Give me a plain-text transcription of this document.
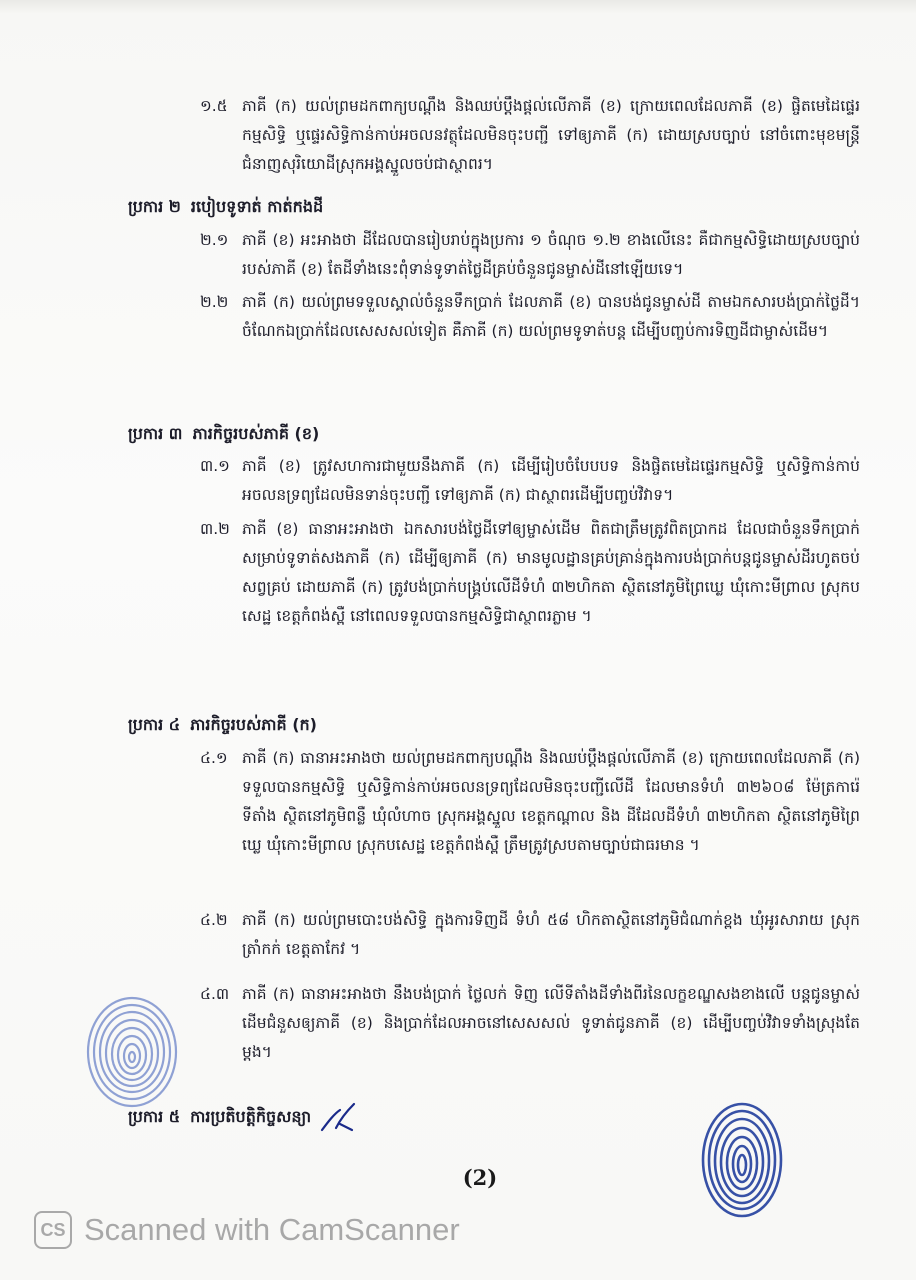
១.៥ ភាគី (ក) យល់ព្រមដកពាក្យបណ្តឹង និងឈប់ប្តឹងផ្តល់លើភាគី (ខ) ក្រោយពេលដែលភាគី (ខ) ផ្ចិតមេដៃផ្ទេរកម្មសិទ្ធិ ឬផ្ទេរសិទ្ធិកាន់កាប់អចលនវត្ថុដែលមិនចុះបញ្ជី ទៅឲ្យភាគី (ក) ដោយស្របច្បាប់ នៅចំពោះមុខមន្ត្រីជំនាញសុរិយោដីស្រុកអង្គស្នួលចប់ជាស្ថាពរ។
ប្រការ ២ របៀបទូទាត់ កាត់កងដី
២.១ ភាគី (ខ) អះអាងថា ដីដែលបានរៀបរាប់ក្នុងប្រការ ១ ចំណុច ១.២ ខាងលើនេះ គឺជាកម្មសិទ្ធិដោយស្របច្បាប់របស់ភាគី (ខ) តែដីទាំងនេះពុំទាន់ទូទាត់ថ្លៃដីគ្រប់ចំនួនជូនម្ចាស់ដីនៅឡើយទេ។
២.២ ភាគី (ក) យល់ព្រមទទួលស្គាល់ចំនួនទឹកប្រាក់ ដែលភាគី (ខ) បានបង់ជូនម្ចាស់ដី តាមឯកសារបង់ប្រាក់ថ្លៃដី។ ចំណែកឯប្រាក់ដែលសេសសល់ទៀត គឺភាគី (ក) យល់ព្រមទូទាត់បន្ត ដើម្បីបញ្ចប់ការទិញដីជាម្ចាស់ដើម។
ប្រការ ៣ ភារកិច្ចរបស់ភាគី (ខ)
៣.១ ភាគី (ខ) ត្រូវសហការជាមួយនឹងភាគី (ក) ដើម្បីរៀបចំបែបបទ និងផ្ចិតមេដៃផ្ទេរកម្មសិទ្ធិ ឬសិទ្ធិកាន់កាប់អចលនទ្រព្យដែលមិនទាន់ចុះបញ្ជី ទៅឲ្យភាគី (ក) ជាស្ថាពរដើម្បីបញ្ចប់វិវាទ។
៣.២ ភាគី (ខ) ធានាអះអាងថា ឯកសារបង់ថ្លៃដីទៅឲ្យម្ចាស់ដើម ពិតជាត្រឹមត្រូវពិតប្រាកដ ដែលជាចំនួនទឹកប្រាក់សម្រាប់ទូទាត់សងភាគី (ក) ដើម្បីឲ្យភាគី (ក) មានមូលដ្ឋានគ្រប់គ្រាន់ក្នុងការបង់ប្រាក់បន្តជូនម្ចាស់ដីរហូតចប់សព្វគ្រប់ ដោយភាគី (ក) ត្រូវបង់ប្រាក់បង្គ្រប់លើដីទំហំ ៣២ហិកតា ស្ថិតនៅភូមិព្រៃឃ្លេ ឃុំកោះមីព្រាល ស្រុកបសេដ្ឋ ខេត្តកំពង់ស្ពឺ នៅពេលទទួលបានកម្មសិទ្ធិជាស្ថាពរភ្លាម ។
ប្រការ ៤ ភារកិច្ចរបស់ភាគី (ក)
៤.១ ភាគី (ក) ធានាអះអាងថា យល់ព្រមដកពាក្យបណ្តឹង និងឈប់ប្តឹងផ្តល់លើភាគី (ខ) ក្រោយពេលដែលភាគី (ក) ទទួលបានកម្មសិទ្ធិ ឬសិទ្ធិកាន់កាប់អចលនទ្រព្យដែលមិនចុះបញ្ជីលើដី ដែលមានទំហំ ៣២៦០៨ ម៉ែត្រការ៉េ ទីតាំង ស្ថិតនៅភូមិពន្លឺ ឃុំលំហាច ស្រុកអង្គស្នួល ខេត្តកណ្តាល និង ដីដែលដីទំហំ ៣២ហិកតា ស្ថិតនៅភូមិព្រៃឃ្លេ ឃុំកោះមីព្រាល ស្រុកបសេដ្ឋ ខេត្តកំពង់ស្ពឺ ត្រឹមត្រូវស្របតាមច្បាប់ជាធរមាន ។
៤.២ ភាគី (ក) យល់ព្រមបោះបង់សិទ្ធិ ក្នុងការទិញដី ទំហំ ៥៨ ហិកតាស្ថិតនៅភូមិជំណាក់ខ្ពង ឃុំអូរសារាយ ស្រុកត្រាំកក់ ខេត្តតាកែវ ។
៤.៣ ភាគី (ក) ធានាអះអាងថា នឹងបង់ប្រាក់ ថ្លៃលក់ ទិញ លើទីតាំងដីទាំងពីរនៃលក្ខខណ្ឌសងខាងលើ បន្តជូនម្ចាស់ដើមជំនួសឲ្យភាគី (ខ) និងប្រាក់ដែលអាចនៅសេសសល់ ទូទាត់ជូនភាគី (ខ) ដើម្បីបញ្ចប់វិវាទទាំងស្រុងតែម្តង។
ប្រការ ៥ ការប្រតិបត្តិកិច្ចសន្យា
(2)
CS Scanned with CamScanner
